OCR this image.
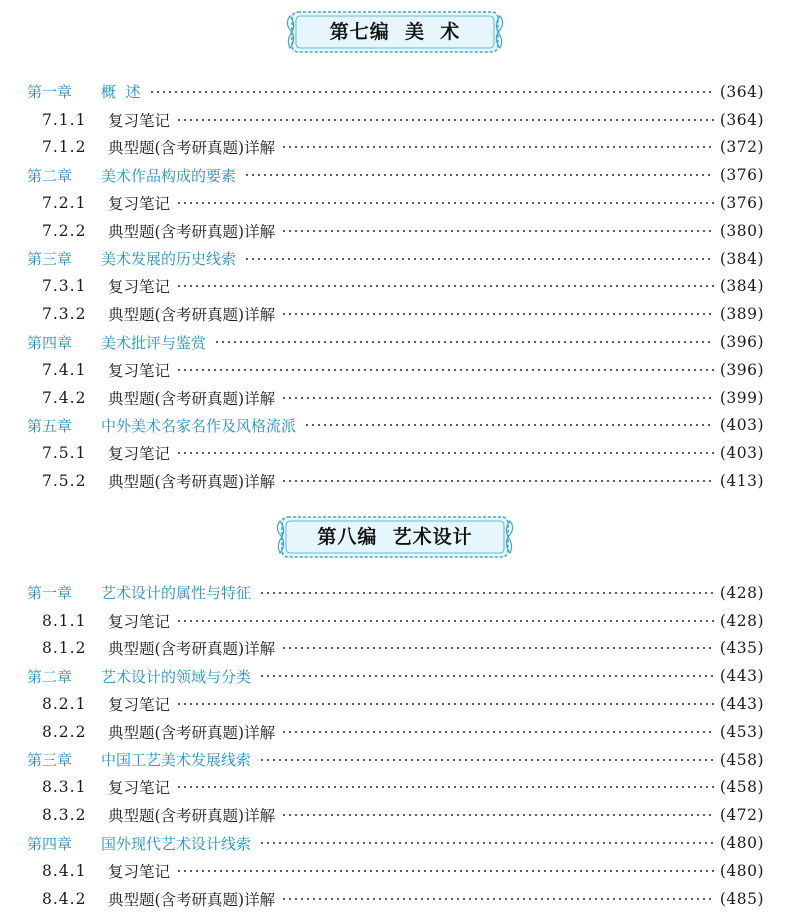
第七编  美  术
第一章	概  述	(364)
7.1.1	复习笔记	(364)
7.1.2	典型题(含考研真题)详解	(372)
第二章	美术作品构成的要素	(376)
7.2.1	复习笔记	(376)
7.2.2	典型题(含考研真题)详解	(380)
第三章	美术发展的历史线索	(384)
7.3.1	复习笔记	(384)
7.3.2	典型题(含考研真题)详解	(389)
第四章	美术批评与鉴赏	(396)
7.4.1	复习笔记	(396)
7.4.2	典型题(含考研真题)详解	(399)
第五章	中外美术名家名作及风格流派	(403)
7.5.1	复习笔记	(403)
7.5.2	典型题(含考研真题)详解	(413)
第八编  艺术设计
第一章	艺术设计的属性与特征	(428)
8.1.1	复习笔记	(428)
8.1.2	典型题(含考研真题)详解	(435)
第二章	艺术设计的领域与分类	(443)
8.2.1	复习笔记	(443)
8.2.2	典型题(含考研真题)详解	(453)
第三章	中国工艺美术发展线索	(458)
8.3.1	复习笔记	(458)
8.3.2	典型题(含考研真题)详解	(472)
第四章	国外现代艺术设计线索	(480)
8.4.1	复习笔记	(480)
8.4.2	典型题(含考研真题)详解	(485)
